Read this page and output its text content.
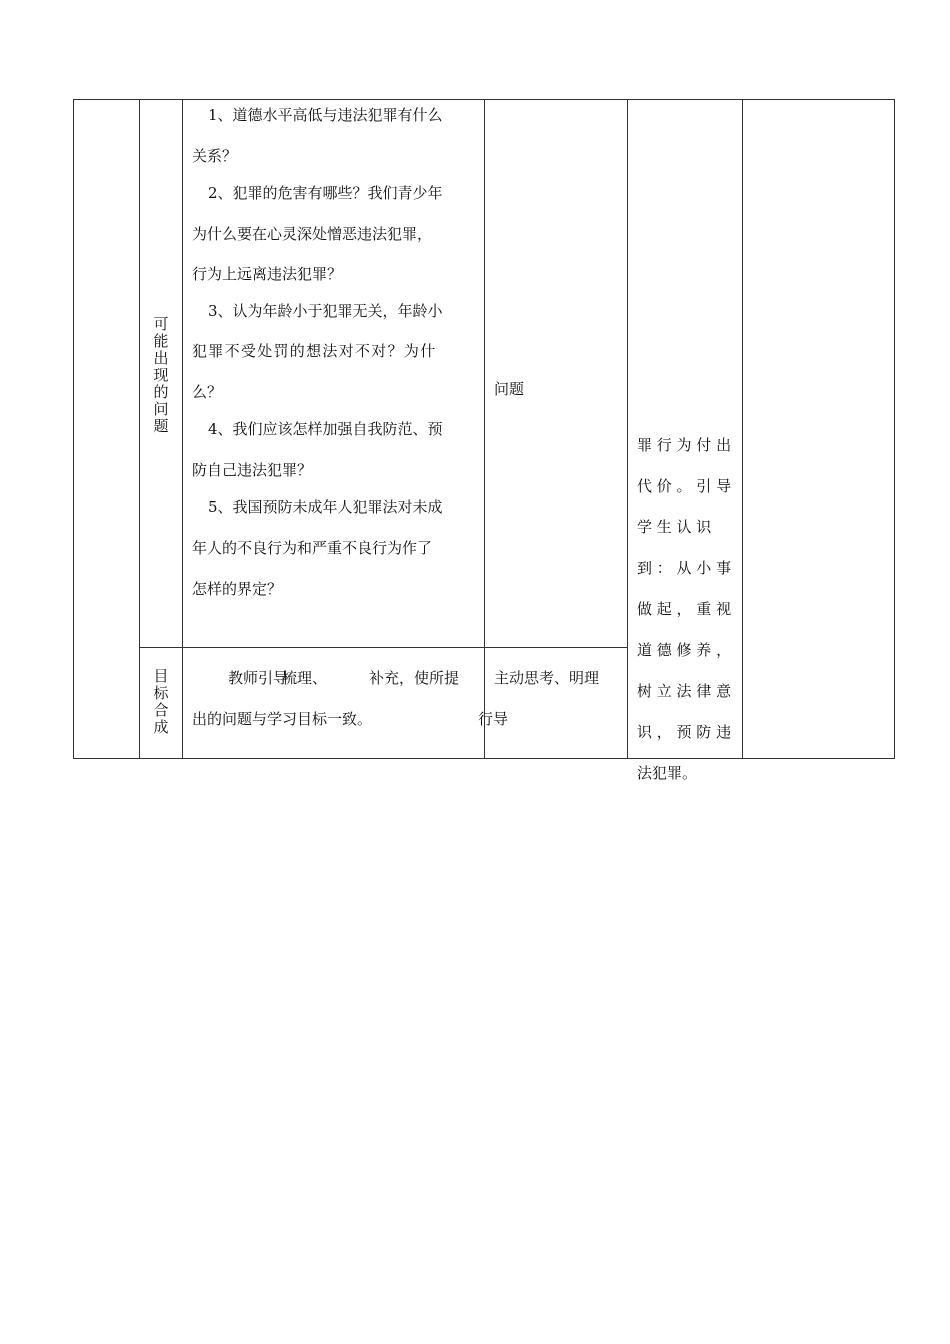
可能出现的问题
1、道德水平高低与违法犯罪有什么
关系？
2、犯罪的危害有哪些？我们青少年
为什么要在心灵深处憎恶违法犯罪，
行为上远离违法犯罪？
3、认为年龄小于犯罪无关，年龄小
犯罪不受处罚的想法对不对？为什
么？
4、我们应该怎样加强自我防范、预
防自己违法犯罪？
5、我国预防未成年人犯罪法对未成
年人的不良行为和严重不良行为作了
怎样的界定？
问题
目标合成
教师引导
梳理、	补充，使所提
出的问题与学习目标一致。
主动思考、明理
行导
罪 行 为 付 出
代 价 。 引 导
学 生 认 识
到 ： 从 小 事
做 起 ， 重 视
道 德 修 养 ，
树 立 法 律 意
识 ， 预 防 违
法犯罪。
